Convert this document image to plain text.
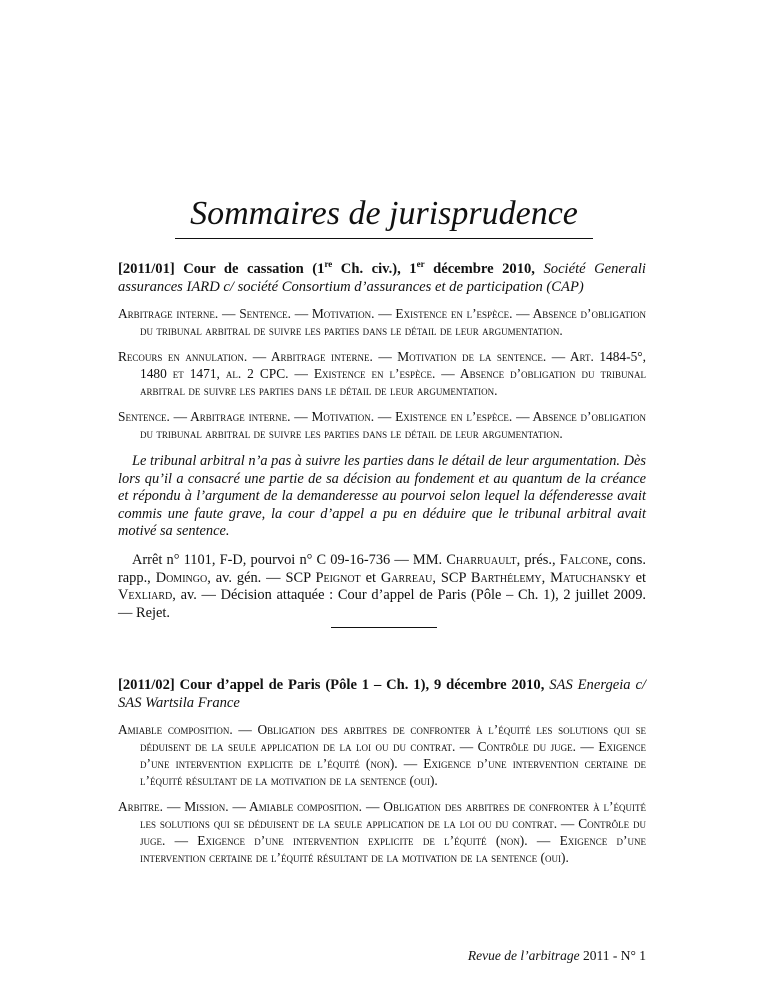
Sommaires de jurisprudence

[2011/01] Cour de cassation (1re Ch. civ.), 1er décembre 2010, Société Generali assurances IARD c/ société Consortium d’assurances et de participation (CAP)

Arbitrage interne. — Sentence. — Motivation. — Existence en l’espèce. — Absence d’obligation du tribunal arbitral de suivre les parties dans le détail de leur argumentation.

Recours en annulation. — Arbitrage interne. — Motivation de la sentence. — Art. 1484-5°, 1480 et 1471, al. 2 CPC. — Existence en l’espèce. — Absence d’obligation du tribunal arbitral de suivre les parties dans le détail de leur argumentation.

Sentence. — Arbitrage interne. — Motivation. — Existence en l’espèce. — Absence d’obligation du tribunal arbitral de suivre les parties dans le détail de leur argumentation.

Le tribunal arbitral n’a pas à suivre les parties dans le détail de leur argumentation. Dès lors qu’il a consacré une partie de sa décision au fondement et au quantum de la créance et répondu à l’argument de la demanderesse au pourvoi selon lequel la défenderesse avait commis une faute grave, la cour d’appel a pu en déduire que le tribunal arbitral avait motivé sa sentence.

Arrêt n° 1101, F-D, pourvoi n° C 09-16-736 — MM. Charruault, prés., Falcone, cons. rapp., Domingo, av. gén. — SCP Peignot et Garreau, SCP Barthélemy, Matuchansky et Vexliard, av. — Décision attaquée : Cour d’appel de Paris (Pôle – Ch. 1), 2 juillet 2009. — Rejet.

[2011/02] Cour d’appel de Paris (Pôle 1 – Ch. 1), 9 décembre 2010, SAS Energeia c/ SAS Wartsila France

Amiable composition. — Obligation des arbitres de confronter à l’équité les solutions qui se déduisent de la seule application de la loi ou du contrat. — Contrôle du juge. — Exigence d’une intervention explicite de l’équité (non). — Exigence d’une intervention certaine de l’équité résultant de la motivation de la sentence (oui).

Arbitre. — Mission. — Amiable composition. — Obligation des arbitres de confronter à l’équité les solutions qui se déduisent de la seule application de la loi ou du contrat. — Contrôle du juge. — Exigence d’une intervention explicite de l’équité (non). — Exigence d’une intervention certaine de l’équité résultant de la motivation de la sentence (oui).

Revue de l’arbitrage 2011 - N° 1
